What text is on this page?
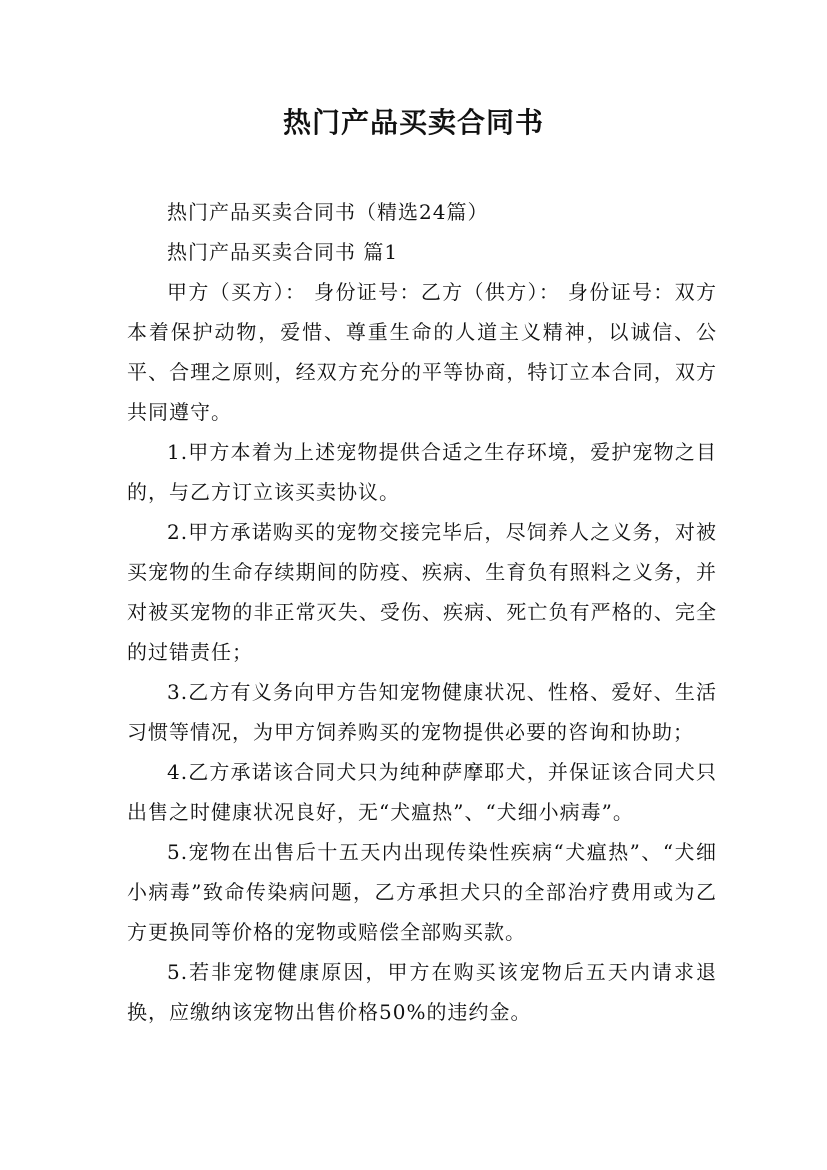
热门产品买卖合同书

热门产品买卖合同书（精选24篇）

热门产品买卖合同书 篇1

甲方（买方）： 身份证号：乙方（供方）： 身份证号：双方本着保护动物，爱惜、尊重生命的人道主义精神，以诚信、公平、合理之原则，经双方充分的平等协商，特订立本合同，双方共同遵守。

1.甲方本着为上述宠物提供合适之生存环境，爱护宠物之目的，与乙方订立该买卖协议。

2.甲方承诺购买的宠物交接完毕后，尽饲养人之义务，对被买宠物的生命存续期间的防疫、疾病、生育负有照料之义务，并对被买宠物的非正常灭失、受伤、疾病、死亡负有严格的、完全的过错责任；

3.乙方有义务向甲方告知宠物健康状况、性格、爱好、生活习惯等情况，为甲方饲养购买的宠物提供必要的咨询和协助；

4.乙方承诺该合同犬只为纯种萨摩耶犬，并保证该合同犬只出售之时健康状况良好，无“犬瘟热”、“犬细小病毒”。

5.宠物在出售后十五天内出现传染性疾病“犬瘟热”、“犬细小病毒”致命传染病问题，乙方承担犬只的全部治疗费用或为乙方更换同等价格的宠物或赔偿全部购买款。

5.若非宠物健康原因，甲方在购买该宠物后五天内请求退换，应缴纳该宠物出售价格50%的违约金。
